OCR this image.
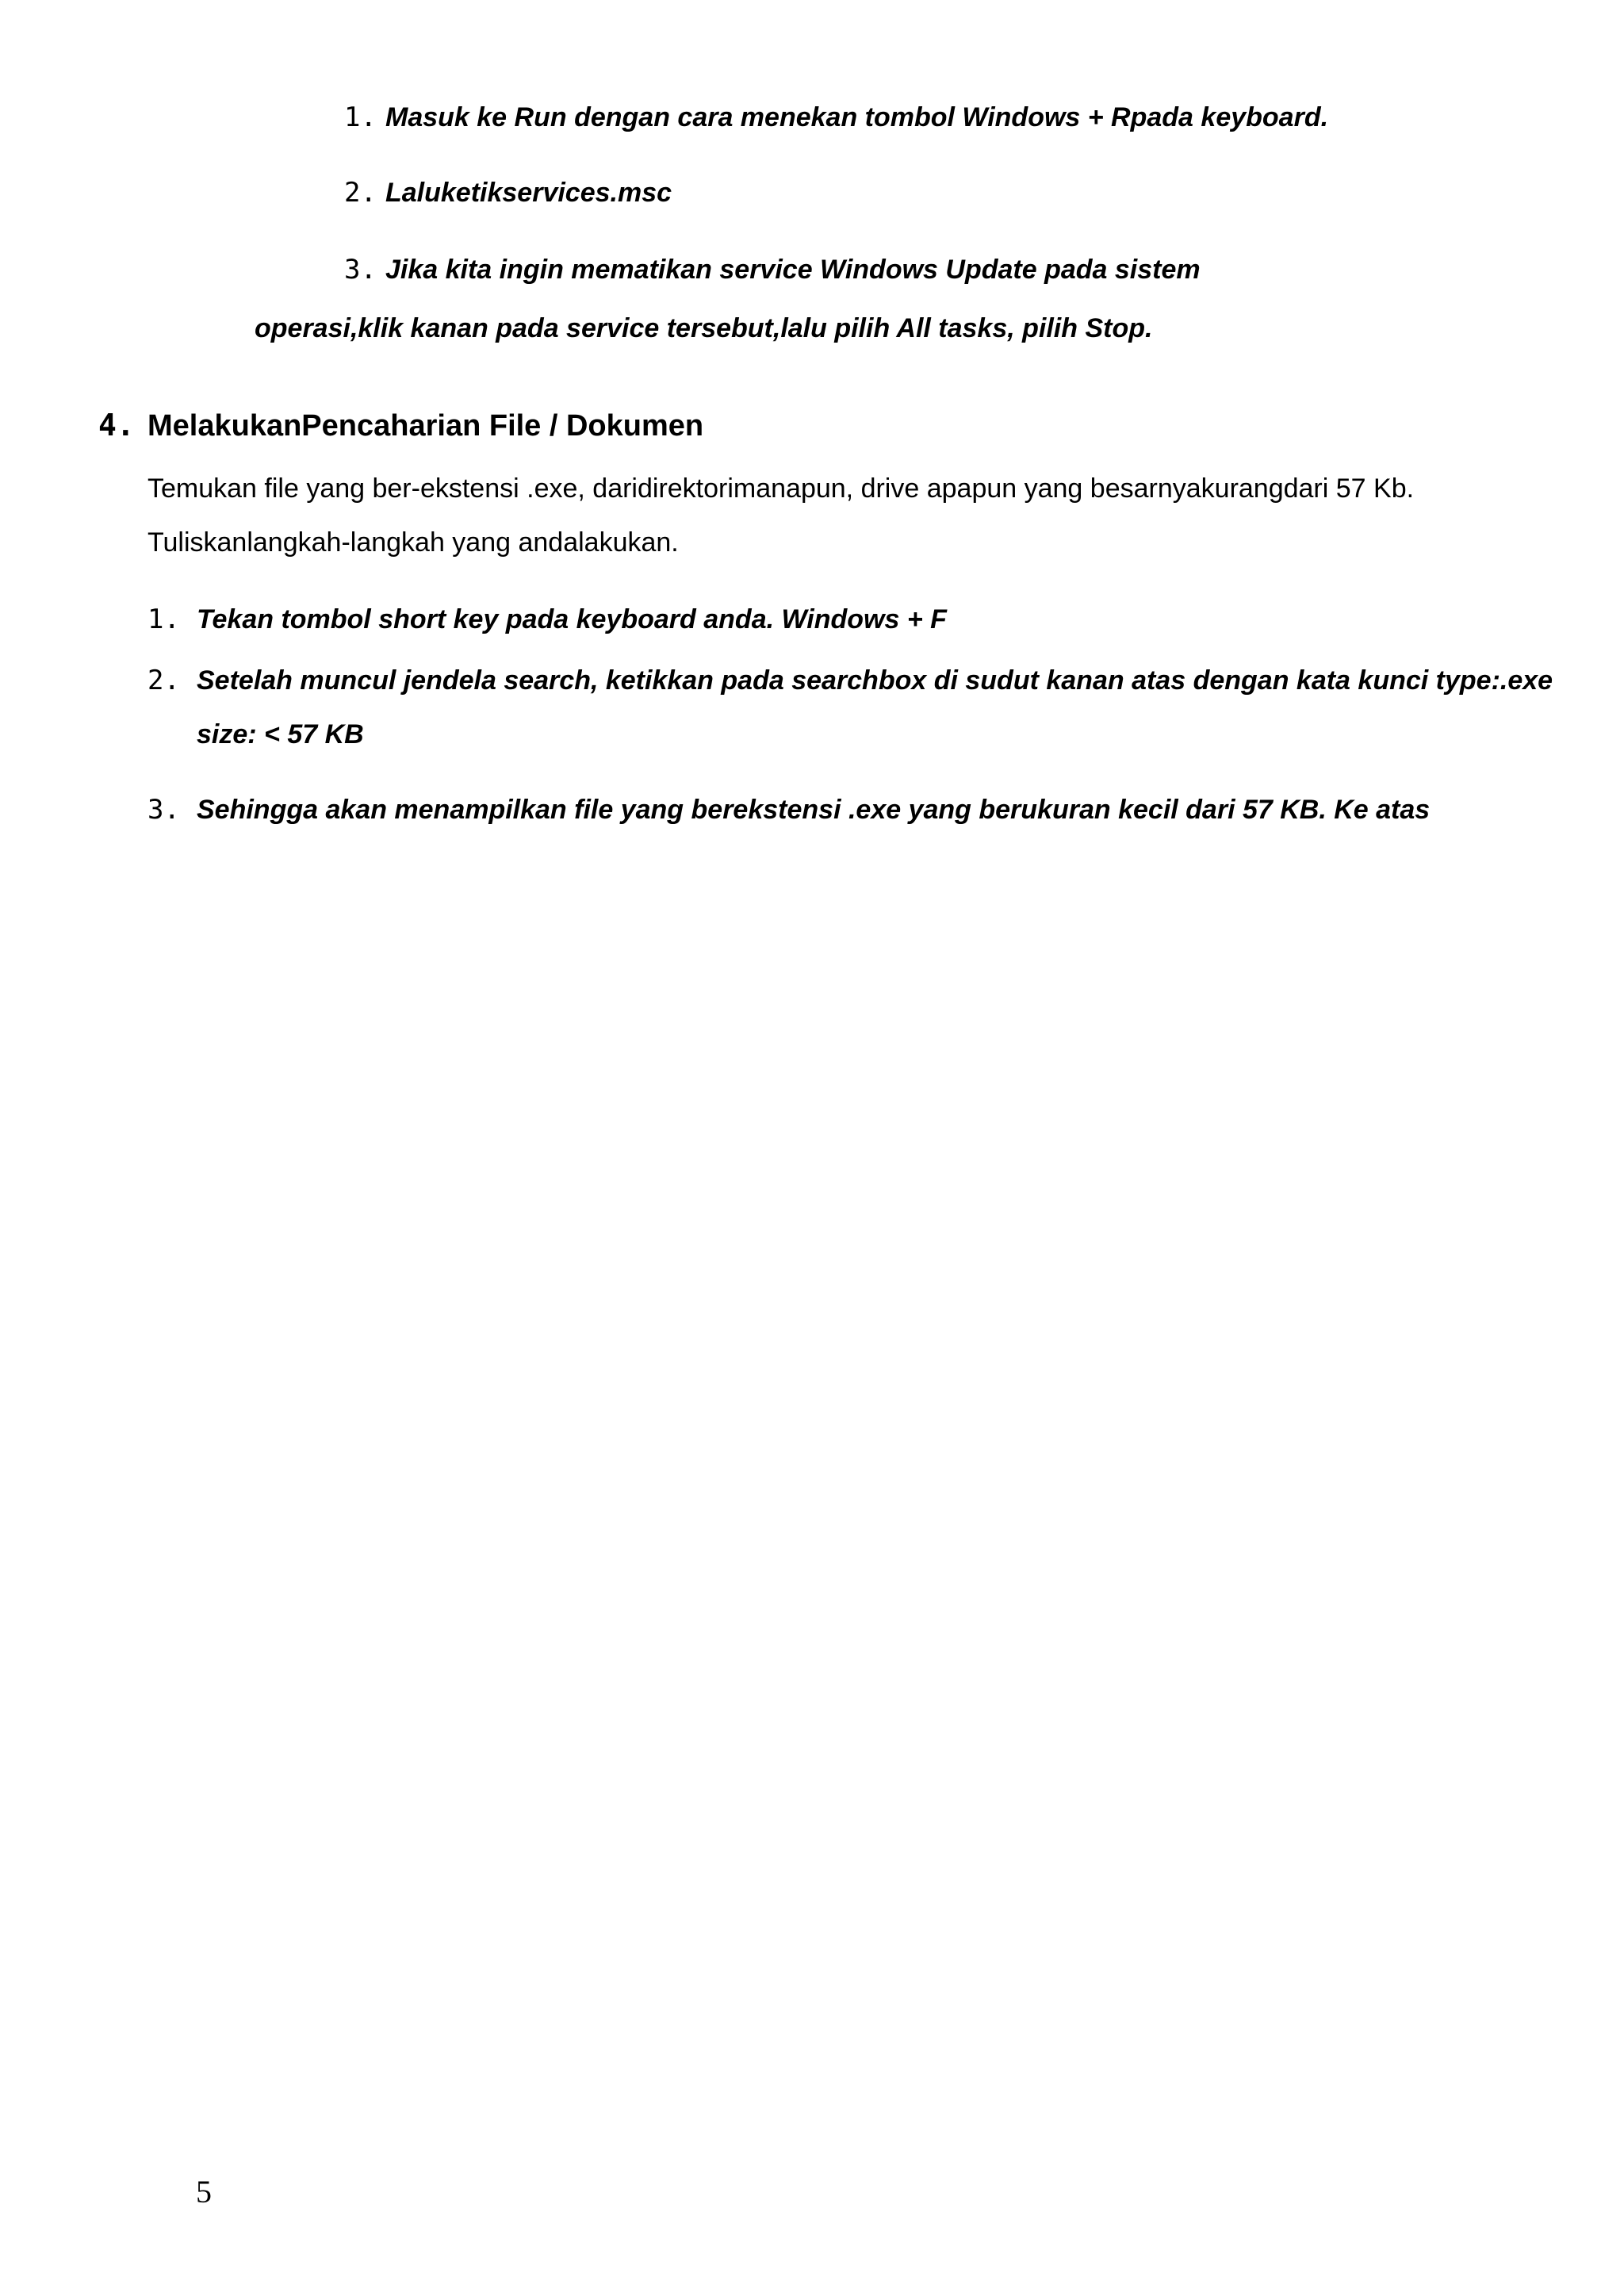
1. Masuk ke Run dengan cara menekan tombol Windows + Rpada keyboard.
2. Laluketikservices.msc
3. Jika kita ingin mematikan service Windows Update pada sistem
operasi,klik kanan pada service tersebut,lalu pilih All tasks, pilih Stop.
4. MelakukanPencaharian File / Dokumen
Temukan file yang ber-ekstensi .exe, daridirektorimanapun, drive apapun yang besarnyakurangdari 57 Kb.
Tuliskanlangkah-langkah yang andalakukan.
1. Tekan tombol short key pada keyboard anda. Windows + F
2. Setelah muncul jendela search, ketikkan pada searchbox di sudut kanan atas dengan kata kunci type:.exe
size: < 57 KB
3. Sehingga akan menampilkan file yang berekstensi .exe yang berukuran kecil dari 57 KB. Ke atas
5
